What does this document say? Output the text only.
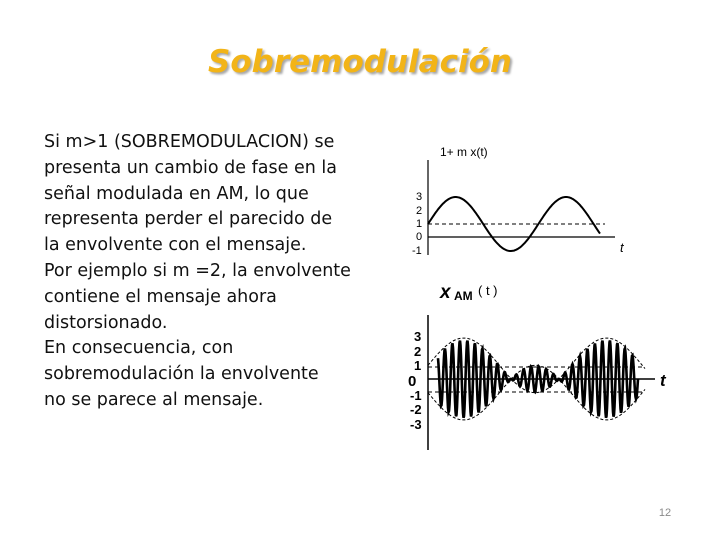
Sobremodulación
Si m>1 (SOBREMODULACION) se
presenta un cambio de fase en la
señal modulada en AM, lo que
representa perder el parecido de
la envolvente con el mensaje.
Por ejemplo si m =2, la envolvente
contiene el mensaje ahora
distorsionado.
En consecuencia, con
sobremodulación la envolvente
no se parece al mensaje.
1+ m x(t)
t
3
2
1
0
-1
x AM ( t )
t
3
2
1
0
-1
-2
-3
12
